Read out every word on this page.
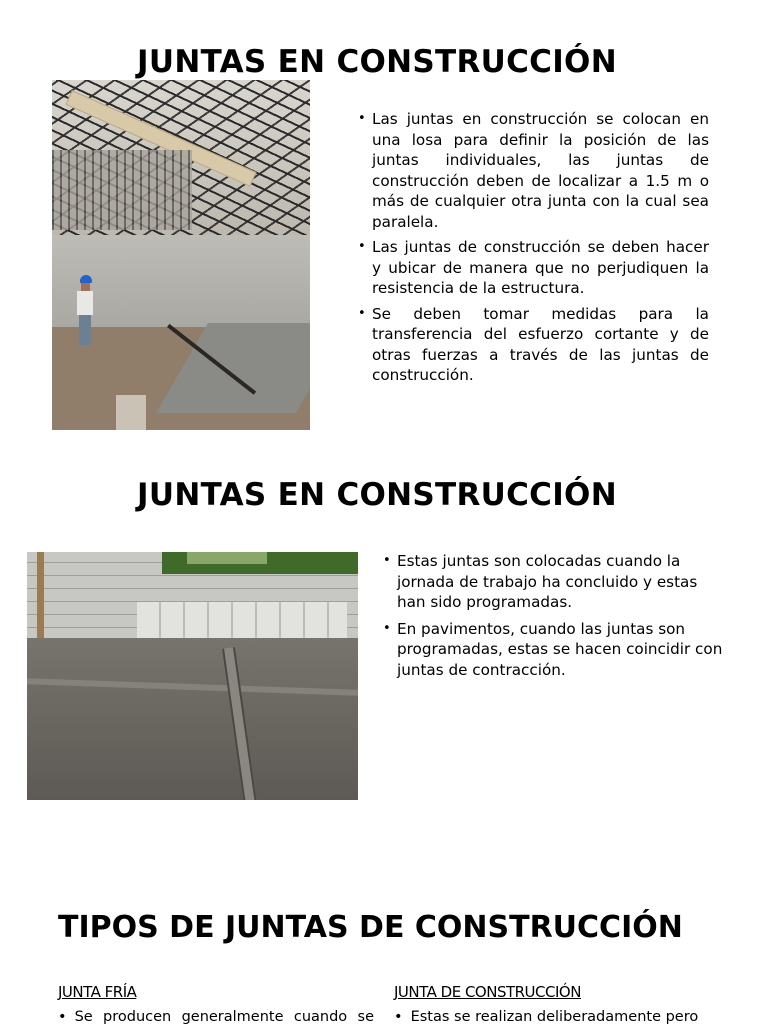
JUNTAS EN CONSTRUCCIÓN
• Las juntas en construcción se colocan en una losa para definir la posición de las juntas individuales, las juntas de construcción deben de localizar a 1.5 m o más de cualquier otra junta con la cual sea paralela.
• Las juntas de construcción se deben hacer y ubicar de manera que no perjudiquen la resistencia de la estructura.
• Se deben tomar medidas para la transferencia del esfuerzo cortante y de otras fuerzas a través de las juntas de construcción.
JUNTAS EN CONSTRUCCIÓN
• Estas juntas son colocadas cuando la jornada de trabajo ha concluido y estas han sido programadas.
• En pavimentos, cuando las juntas son programadas, estas se hacen coincidir con juntas de contracción.
TIPOS DE JUNTAS DE CONSTRUCCIÓN
JUNTA FRÍA	JUNTA DE CONSTRUCCIÓN
• Se producen generalmente cuando se • Estas se realizan deliberadamente pero
